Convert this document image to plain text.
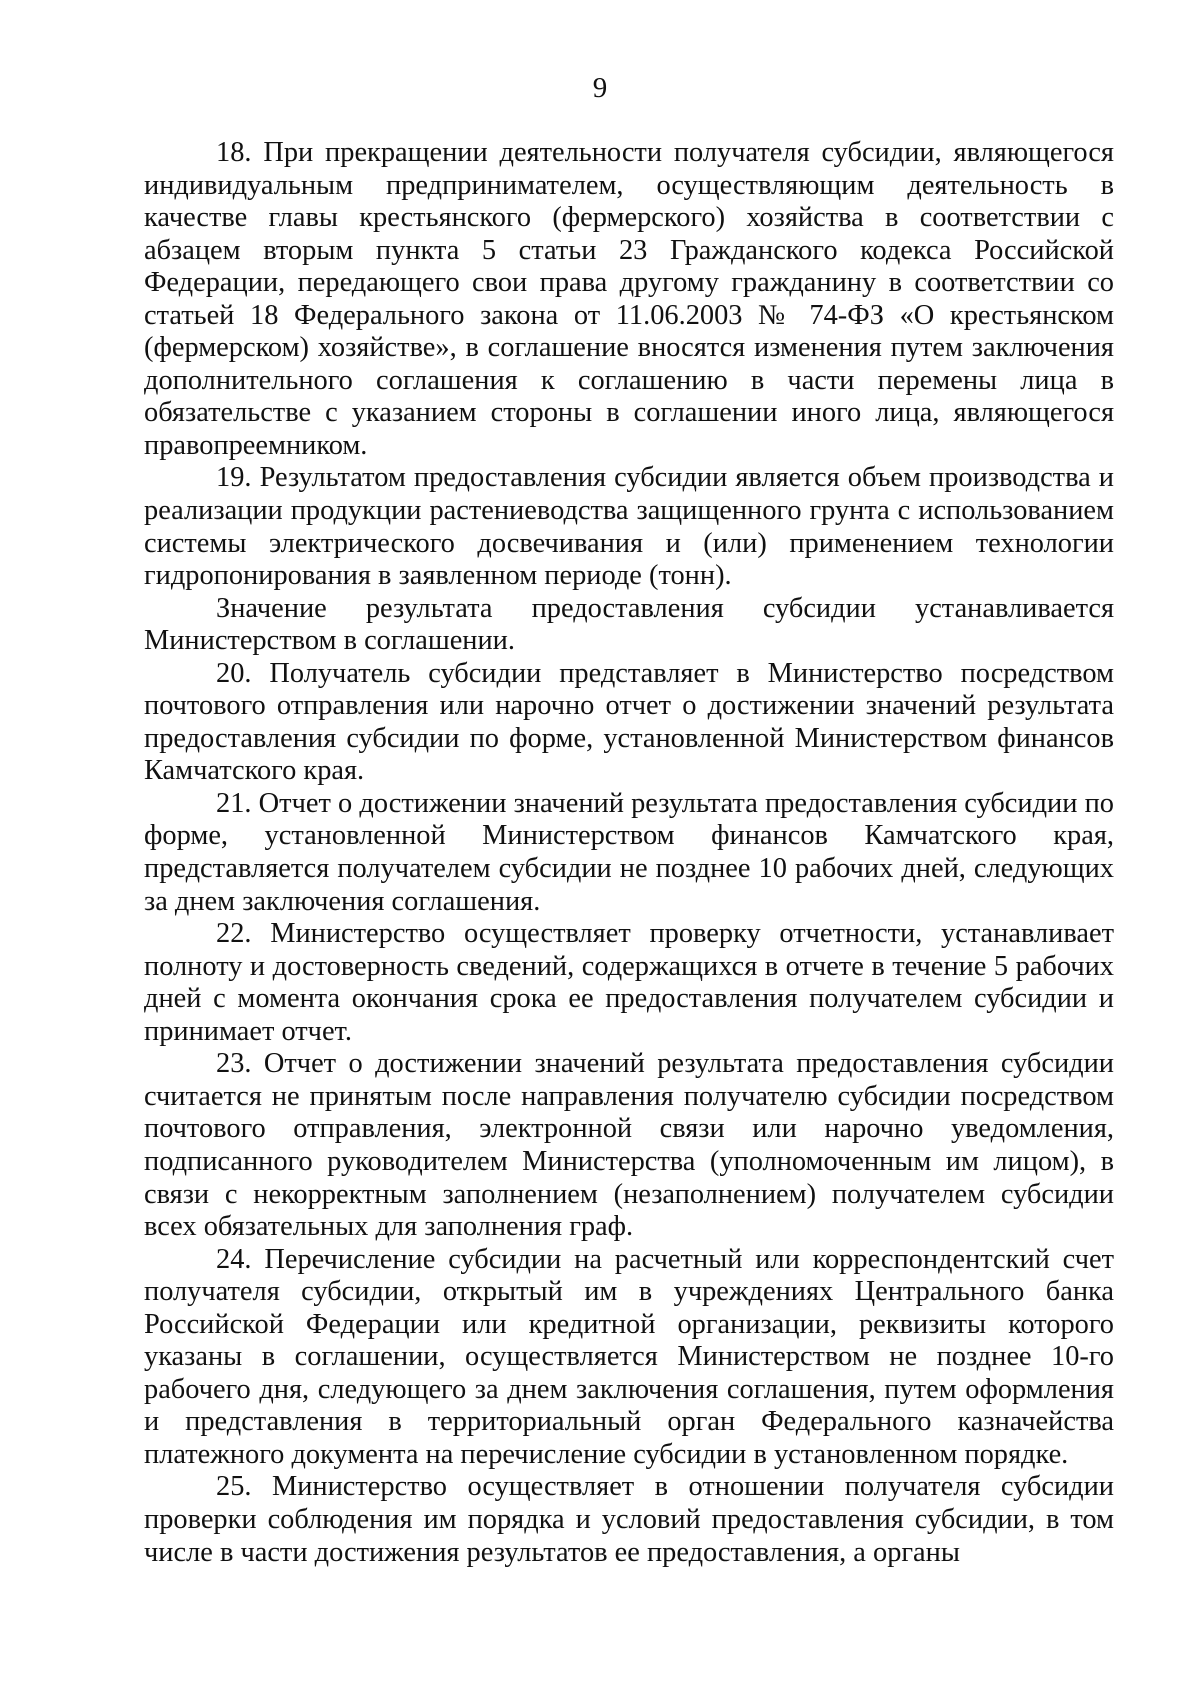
9

18. При прекращении деятельности получателя субсидии, являющегося индивидуальным предпринимателем, осуществляющим деятельность в качестве главы крестьянского (фермерского) хозяйства в соответствии с абзацем вторым пункта 5 статьи 23 Гражданского кодекса Российской Федерации, передающего свои права другому гражданину в соответствии со статьей 18 Федерального закона от 11.06.2003 № 74-ФЗ «О крестьянском (фермерском) хозяйстве», в соглашение вносятся изменения путем заключения дополнительного соглашения к соглашению в части перемены лица в обязательстве с указанием стороны в соглашении иного лица, являющегося правопреемником.

19. Результатом предоставления субсидии является объем производства и реализации продукции растениеводства защищенного грунта с использованием системы электрического досвечивания и (или) применением технологии гидропонирования в заявленном периоде (тонн).

Значение результата предоставления субсидии устанавливается Министерством в соглашении.

20. Получатель субсидии представляет в Министерство посредством почтового отправления или нарочно отчет о достижении значений результата предоставления субсидии по форме, установленной Министерством финансов Камчатского края.

21. Отчет о достижении значений результата предоставления субсидии по форме, установленной Министерством финансов Камчатского края, представляется получателем субсидии не позднее 10 рабочих дней, следующих за днем заключения соглашения.

22. Министерство осуществляет проверку отчетности, устанавливает полноту и достоверность сведений, содержащихся в отчете в течение 5 рабочих дней с момента окончания срока ее предоставления получателем субсидии и принимает отчет.

23. Отчет о достижении значений результата предоставления субсидии считается не принятым после направления получателю субсидии посредством почтового отправления, электронной связи или нарочно уведомления, подписанного руководителем Министерства (уполномоченным им лицом), в связи с некорректным заполнением (незаполнением) получателем субсидии всех обязательных для заполнения граф.

24. Перечисление субсидии на расчетный или корреспондентский счет получателя субсидии, открытый им в учреждениях Центрального банка Российской Федерации или кредитной организации, реквизиты которого указаны в соглашении, осуществляется Министерством не позднее 10-го рабочего дня, следующего за днем заключения соглашения, путем оформления и представления в территориальный орган Федерального казначейства платежного документа на перечисление субсидии в установленном порядке.

25. Министерство осуществляет в отношении получателя субсидии проверки соблюдения им порядка и условий предоставления субсидии, в том числе в части достижения результатов ее предоставления, а органы
